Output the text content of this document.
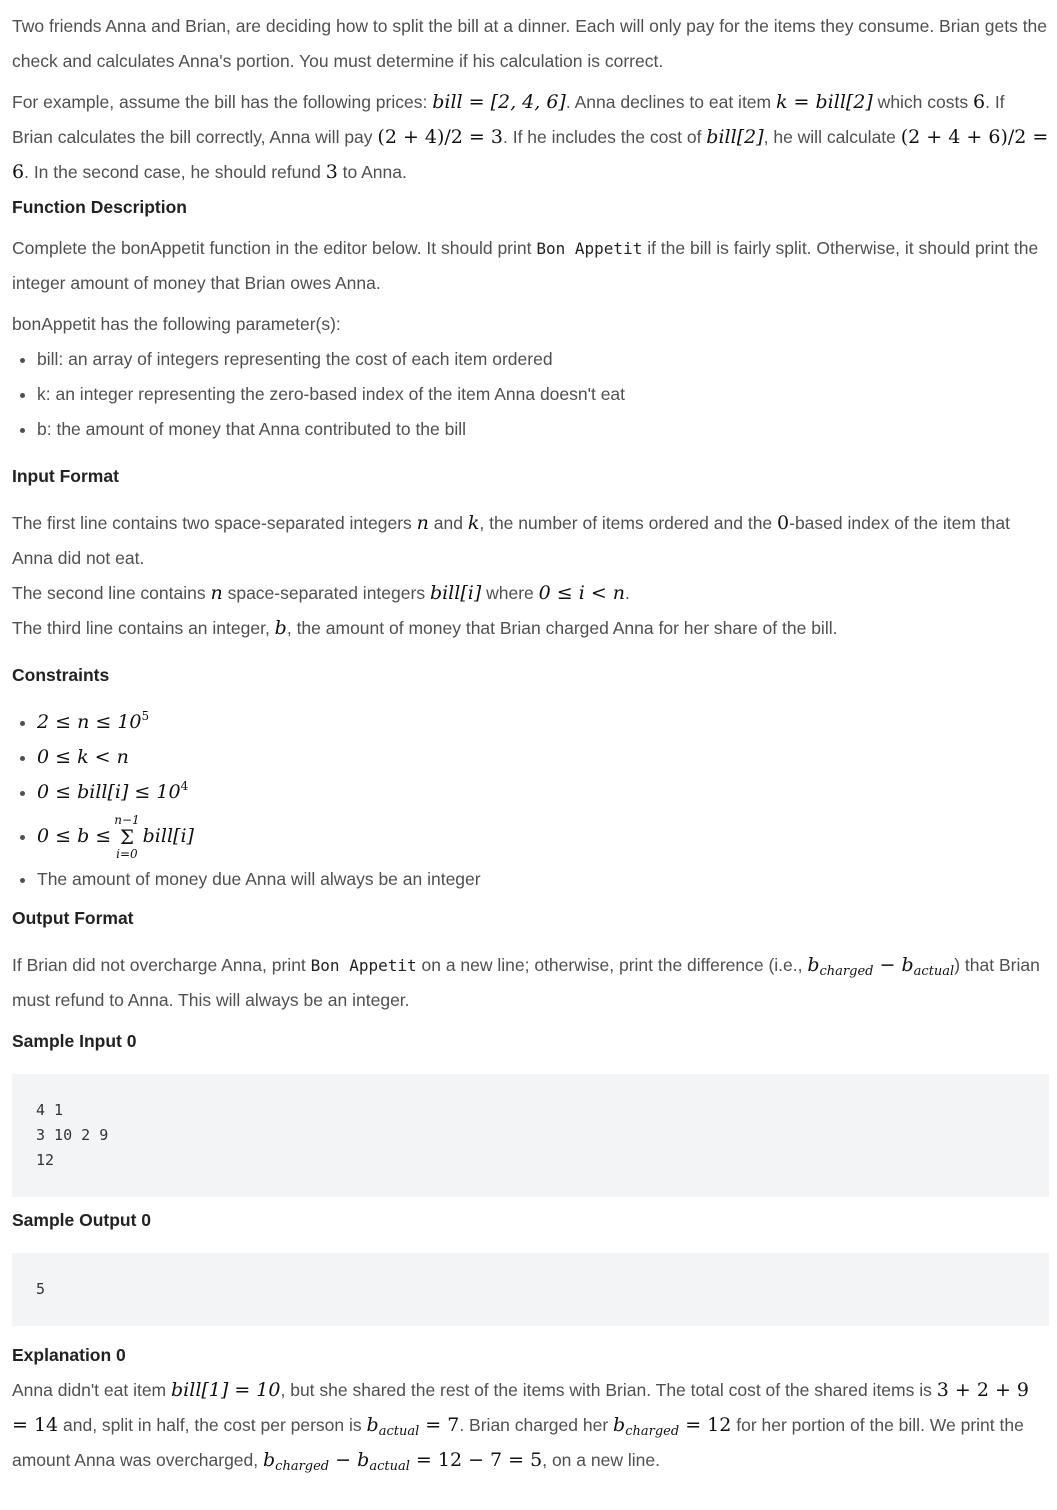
Two friends Anna and Brian, are deciding how to split the bill at a dinner. Each will only pay for the items they consume. Brian gets the check and calculates Anna's portion. You must determine if his calculation is correct.

For example, assume the bill has the following prices: bill = [2, 4, 6]. Anna declines to eat item k = bill[2] which costs 6. If Brian calculates the bill correctly, Anna will pay (2 + 4)/2 = 3. If he includes the cost of bill[2], he will calculate (2 + 4 + 6)/2 = 6. In the second case, he should refund 3 to Anna.

Function Description

Complete the bonAppetit function in the editor below. It should print Bon Appetit if the bill is fairly split. Otherwise, it should print the integer amount of money that Brian owes Anna.

bonAppetit has the following parameter(s):

• bill: an array of integers representing the cost of each item ordered
• k: an integer representing the zero-based index of the item Anna doesn't eat
• b: the amount of money that Anna contributed to the bill
Input Format

The first line contains two space-separated integers n and k, the number of items ordered and the 0-based index of the item that Anna did not eat.

The second line contains n space-separated integers bill[i] where 0 ≤ i < n.

The third line contains an integer, b, the amount of money that Brian charged Anna for her share of the bill.

Constraints
• $2 \le n \le 10^5$
• 0 ≤ k < n
• 0 ≤ bill[i] ≤ $10^4$
• 0 ≤ b ≤
n−1
Σ
i=0
bill[i]
• The amount of money due Anna will always be an integer
Output Format

If Brian did not overcharge Anna, print Bon Appetit on a new line; otherwise, print the difference (i.e., $b_{charged} - b_{actual}$) that Brian must refund to Anna. This will always be an integer.

Sample Input 0
4 1
3 10 2 9
12
Sample Output 0
5
Explanation 0

Anna didn't eat item bill[1] = 10, but she shared the rest of the items with Brian. The total cost of the shared items is 3 + 2 + 9 = 14 and, split in half, the cost per person is $b_{actual} = 7$. Brian charged her $b_{charged} = 12$ for her portion of the bill. We print the amount Anna was overcharged, $b_{charged} - b_{actual} = 12 - 7 = 5$, on a new line.
